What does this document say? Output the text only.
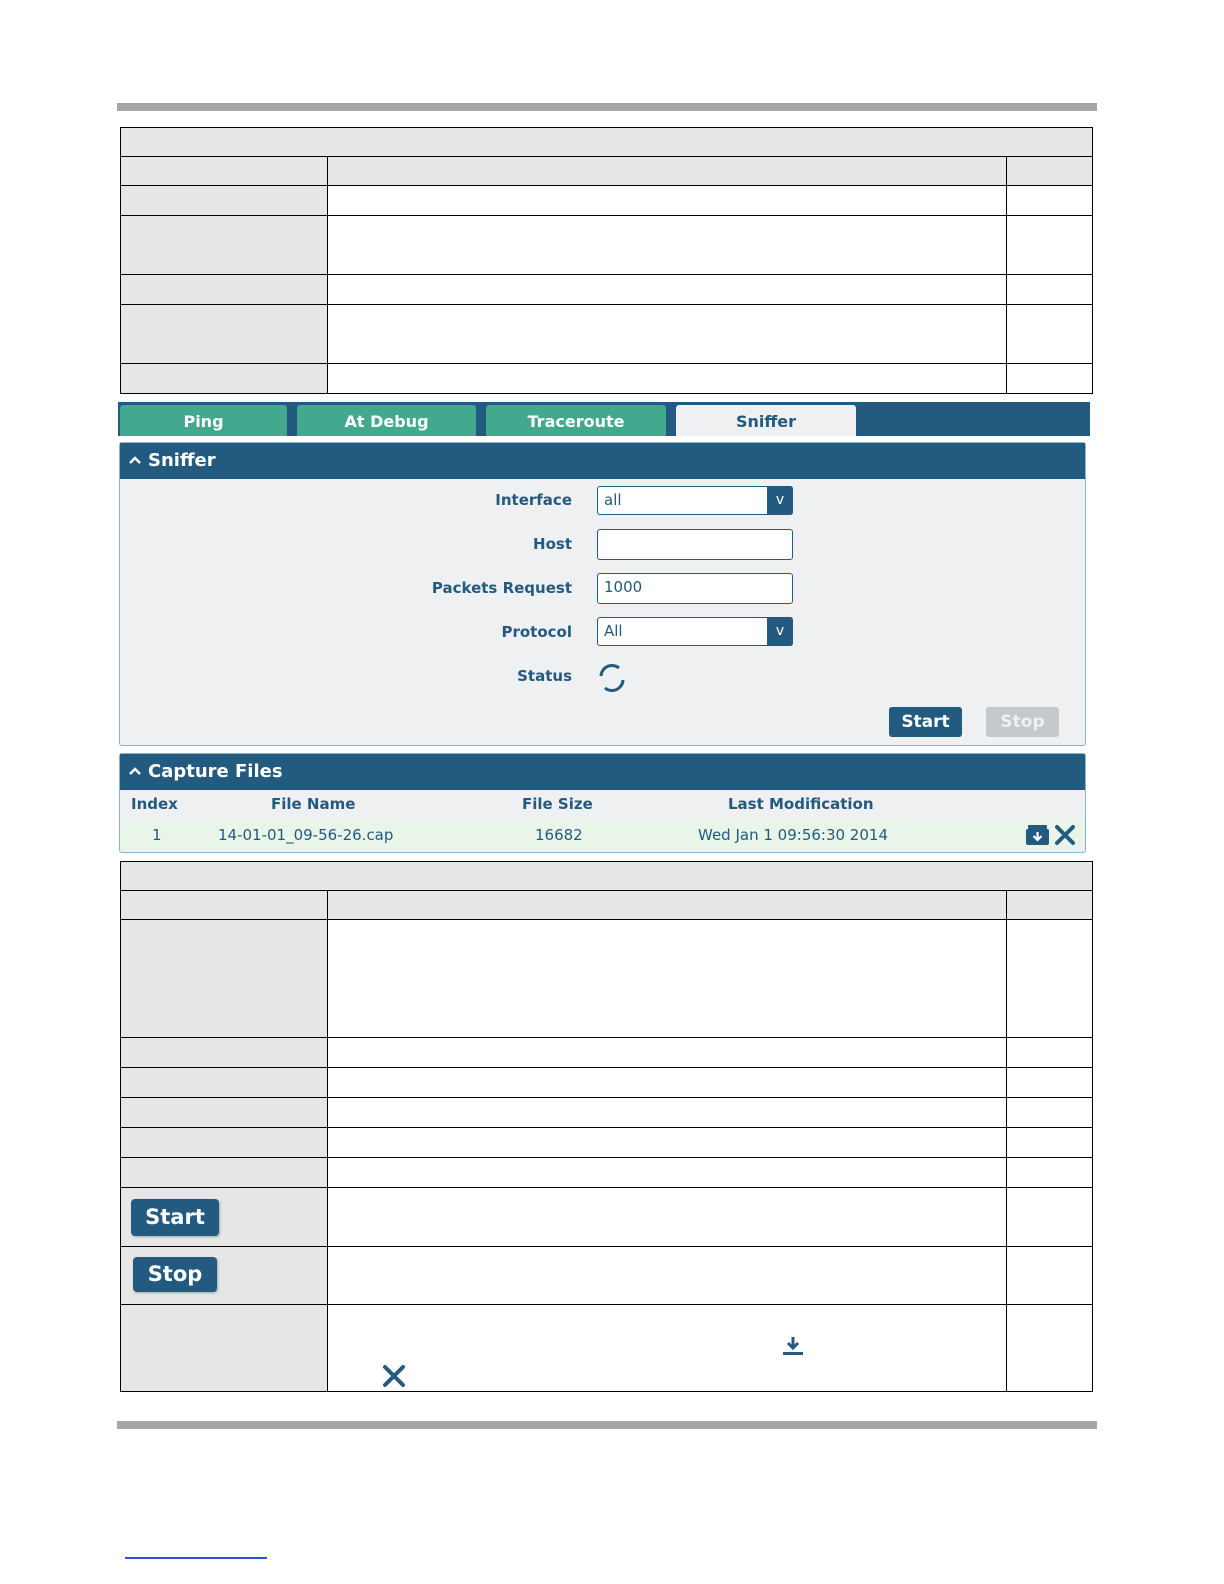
Ping	At Debug	Traceroute	Sniffer
Sniffer
Interface	all	v
Host
Packets Request	1000
Protocol	All	v
Status
Start	Stop
Capture Files
Index	File Name	File Size	Last Modification
1	14-01-01_09-56-26.cap	16682	Wed Jan 1 09:56:30 2014

Start		

Stop		
